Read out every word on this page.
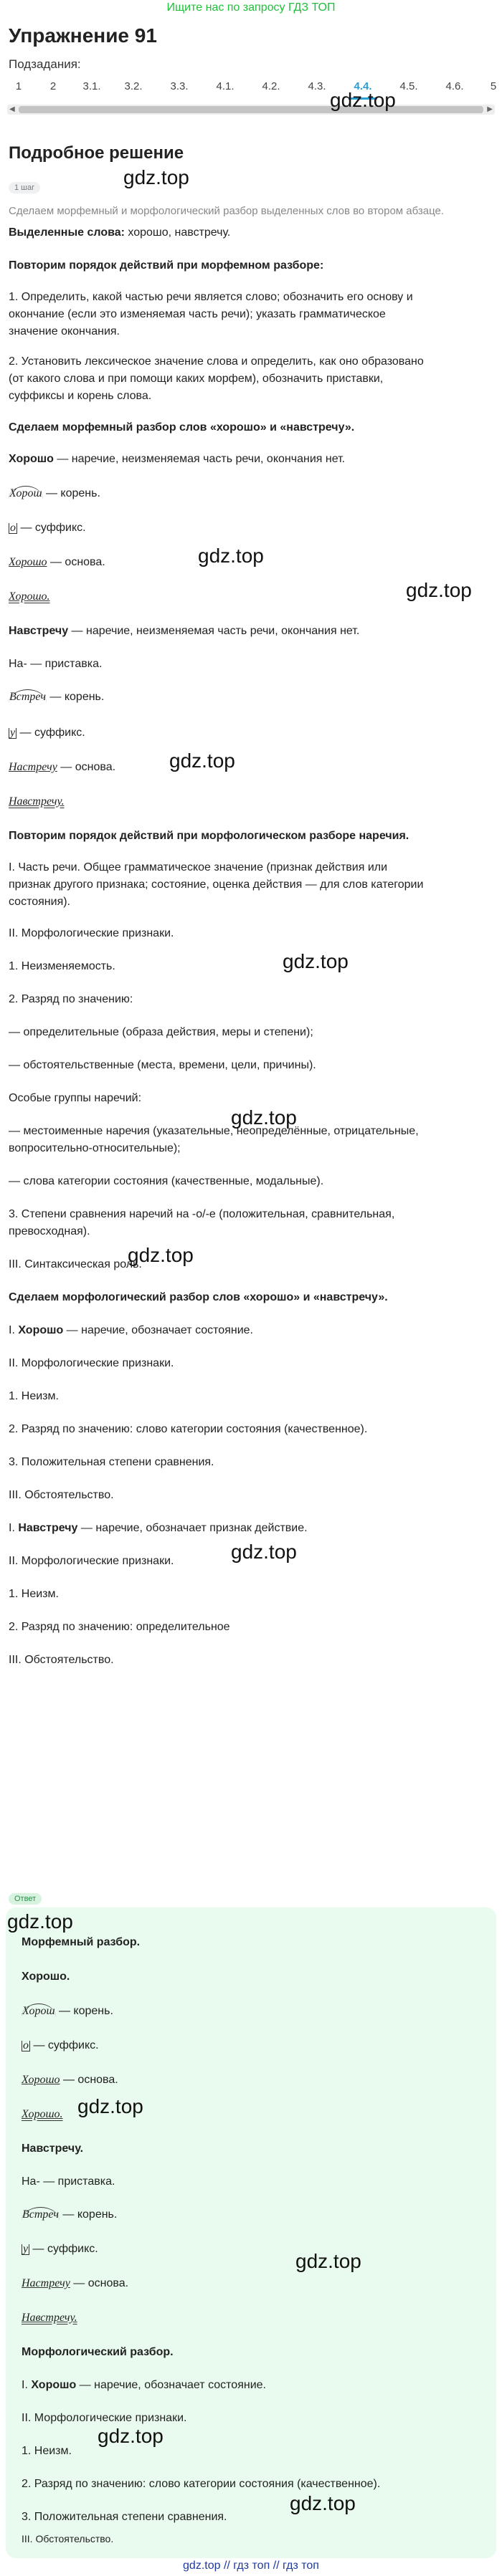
Ищите нас по запросу ГДЗ ТОП
Упражнение 91
Подзадания:
1	2 3.1. 3.2.	3.3.	4.1.	4.2.	4.3.	4.4.	4.5.	4.6. 5
◀	▶
gdz.top
Подробное решение
gdz.top
1 шаг
Сделаем морфемный и морфологический разбор выделенных слов во втором абзаце.
Выделенные слова: хорошо, навстречу.
Повторим порядок действий при морфемном разборе:
1. Определить, какой частью речи является слово; обозначить его основу и
окончание (если это изменяемая часть речи); указать грамматическое
значение окончания.
2. Установить лексическое значение слова и определить, как оно образовано
(от какого слова и при помощи каких морфем), обозначить приставки,
суффиксы и корень слова.
Сделаем морфемный разбор слов «хорошо» и «навстречу».
Хорошо — наречие, неизменяемая часть речи, окончания нет.
Хорош — корень.
о — суффикс.
gdz.top
Хорошо — основа.
gdz.top
Хорошо.
Навстречу — наречие, неизменяемая часть речи, окончания нет.
На- — приставка.
Встреч — корень.
у — суффикс.
gdz.top
Настречу — основа.
Навстречу.
Повторим порядок действий при морфологическом разборе наречия.
I. Часть речи. Общее грамматическое значение (признак действия или
признак другого признака; состояние, оценка действия — для слов категории
состояния).
II. Морфологические признаки.
gdz.top
1. Неизменяемость.
2. Разряд по значению:
— определительные (образа действия, меры и степени);
— обстоятельственные (места, времени, цели, причины).
Особые группы наречий:
gdz.top
— местоименные наречия (указательные, неопределённые, отрицательные,
вопросительно-относительные);
— слова категории состояния (качественные, модальные).
3. Степени сравнения наречий на -о/-е (положительная, сравнительная,
превосходная).
gdz.top
III. Синтаксическая роль.
Сделаем морфологический разбор слов «хорошо» и «навстречу».
I. Хорошо — наречие, обозначает состояние.
II. Морфологические признаки.
1. Неизм.
2. Разряд по значению: слово категории состояния (качественное).
3. Положительная степени сравнения.
III. Обстоятельство.
I. Навстречу — наречие, обозначает признак действие.
gdz.top
II. Морфологические признаки.
1. Неизм.
2. Разряд по значению: определительное
III. Обстоятельство.
Ответ
gdz.top
Морфемный разбор.
Хорошо.
Хорош — корень.
о — суффикс.
Хорошо — основа.
Хорошо. gdz.top
Навстречу.
На- — приставка.
Встреч — корень.
у — суффикс.
gdz.top
Настречу — основа.
Навстречу.
Морфологический разбор.
I. Хорошо — наречие, обозначает состояние.
II. Морфологические признаки.
1. Неизм.
gdz.top
2. Разряд по значению: слово категории состояния (качественное).
3. Положительная степени сравнения.
gdz.top
III. Обстоятельство.
gdz.top // гдз топ // гдз топ
